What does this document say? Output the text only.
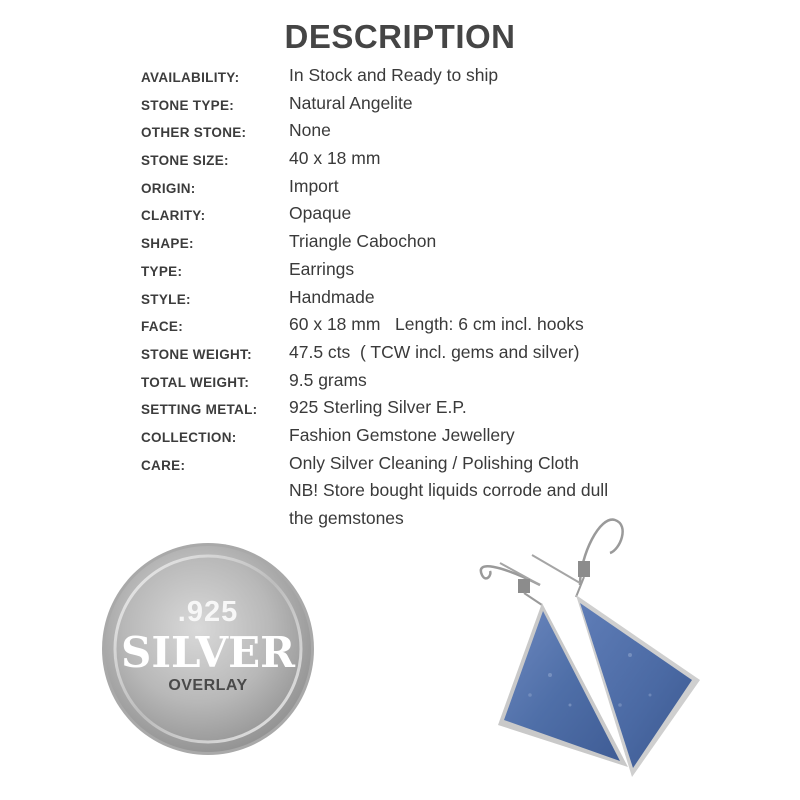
DESCRIPTION
AVAILABILITY:	In Stock and Ready to ship
STONE TYPE:	Natural Angelite
OTHER STONE: None
STONE SIZE:	40 x 18 mm
ORIGIN:	Import
CLARITY:	Opaque
SHAPE:	Triangle Cabochon
TYPE:	Earrings
STYLE:	Handmade
FACE:	60 x 18 mm   Length: 6 cm incl. hooks
STONE WEIGHT: 47.5 cts  ( TCW incl. gems and silver)
TOTAL WEIGHT: 9.5 grams
SETTING METAL: 925 Sterling Silver E.P.
COLLECTION:	Fashion Gemstone Jewellery
CARE:	Only Silver Cleaning / Polishing Cloth
NB! Store bought liquids corrode and dull
the gemstones
.925
SILVER
OVERLAY
